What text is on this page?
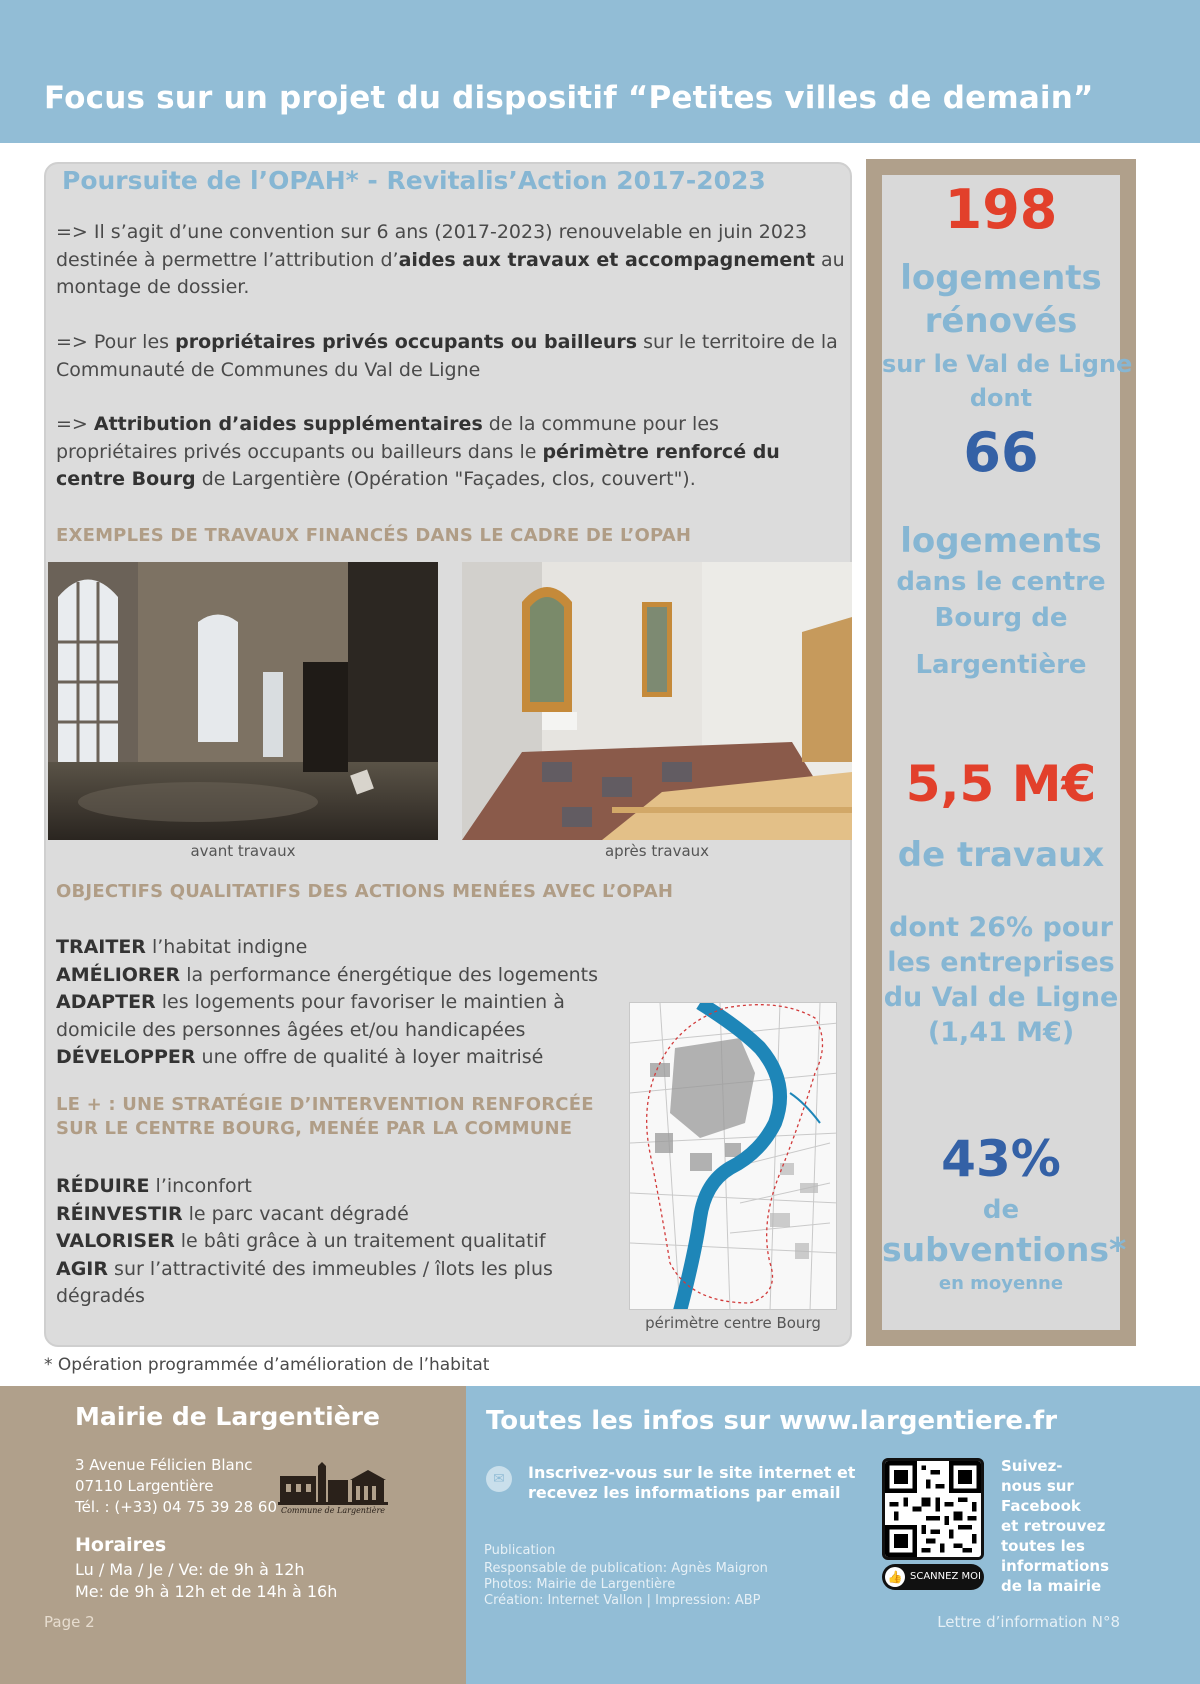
Focus sur un projet du dispositif “Petites villes de demain”
Poursuite de l’OPAH* - Revitalis’Action 2017-2023

=> Il s’agit d’une convention sur 6 ans (2017-2023) renouvelable en juin 2023 destinée à permettre l’attribution d’aides aux travaux et accompagnement au montage de dossier.

=> Pour les propriétaires privés occupants ou bailleurs sur le territoire de la Communauté de Communes du Val de Ligne

=> Attribution d’aides supplémentaires de la commune pour les propriétaires privés occupants ou bailleurs dans le périmètre renforcé du centre Bourg de Largentière (Opération "Façades, clos, couvert").

EXEMPLES DE TRAVAUX FINANCÉS DANS LE CADRE DE L’OPAH
avant travaux	après travaux
OBJECTIFS QUALITATIFS DES ACTIONS MENÉES AVEC L’OPAH
TRAITER l’habitat indigne
AMÉLIORER la performance énergétique des logements
ADAPTER les logements pour favoriser le maintien à
domicile des personnes âgées et/ou handicapées
DÉVELOPPER une offre de qualité à loyer maitrisé
LE + : UNE STRATÉGIE D’INTERVENTION RENFORCÉE
SUR LE CENTRE BOURG, MENÉE PAR LA COMMUNE
RÉDUIRE l’inconfort
RÉINVESTIR le parc vacant dégradé
VALORISER le bâti grâce à un traitement qualitatif
AGIR sur l’attractivité des immeubles / îlots les plus
dégradés
périmètre centre Bourg
198
logements
rénovés
sur le Val de Ligne
dont
66
logements
dans le centre
Bourg de
Largentière
5,5 M€
de travaux
dont 26% pour
les entreprises
du Val de Ligne
(1,41 M€)
43%
de
subventions*
en moyenne
* Opération programmée d’amélioration de l’habitat
Mairie de Largentière
3 Avenue Félicien Blanc
07110 Largentière
Tél. : (+33) 04 75 39 28 60 Commune de Largentière
Horaires
Lu / Ma / Je / Ve: de 9h à 12h
Me: de 9h à 12h et de 14h à 16h
Page 2
Toutes les infos sur www.largentiere.fr
✉	Inscrivez-vous sur le site internet et
recevez les informations par email
Publication
Responsable de publication: Agnès Maigron
Photos: Mairie de Largentière
Création: Internet Vallon | Impression: ABP
👍 SCANNEZ MOI
Suivez-
nous sur
Facebook
et retrouvez
toutes les
informations
de la mairie
Lettre d’information N°8
